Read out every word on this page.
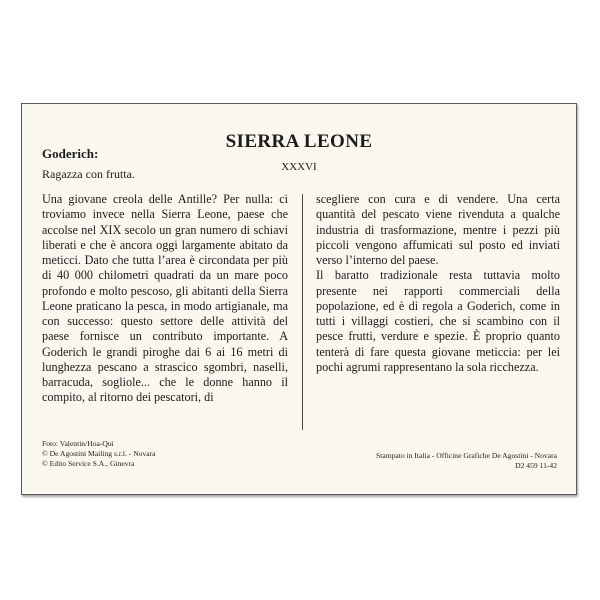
Goderich:
Ragazza con frutta.
SIERRA LEONE
XXXVI

Una giovane creola delle Antille? Per nulla: ci troviamo invece nella Sierra Leone, paese che accolse nel XIX secolo un gran numero di schiavi liberati e che è ancora oggi largamente abitato da meticci. Dato che tutta l’area è circondata per più di 40 000 chilometri quadrati da un mare poco profondo e molto pescoso, gli abitanti della Sierra Leone praticano la pesca, in modo artigianale, ma con successo: questo settore delle attività del paese fornisce un contributo importante. A Goderich le grandi piroghe dai 6 ai 16 metri di lunghezza pescano a strascico sgombri, naselli, barracuda, sogliole... che le donne hanno il compito, al ritorno dei pescatori, di

scegliere con cura e di vendere. Una certa quantità del pescato viene rivenduta a qualche industria di trasformazione, mentre i pezzi più piccoli vengono affumicati sul posto ed inviati verso l’interno del paese.

Il baratto tradizionale resta tuttavia molto presente nei rapporti commerciali della popolazione, ed è di regola a Goderich, come in tutti i villaggi costieri, che si scambino con il pesce frutti, verdure e spezie. È proprio quanto tenterà di fare questa giovane meticcia: per lei pochi agrumi rappresentano la sola ricchezza.

Foto: Valentin/Hoa-Qui
© De Agostini Mailing s.r.l. - Novara
© Edito Service S.A., Ginevra
Stampato in Italia - Officine Grafiche De Agostini - Novara
D2 459 11-42
